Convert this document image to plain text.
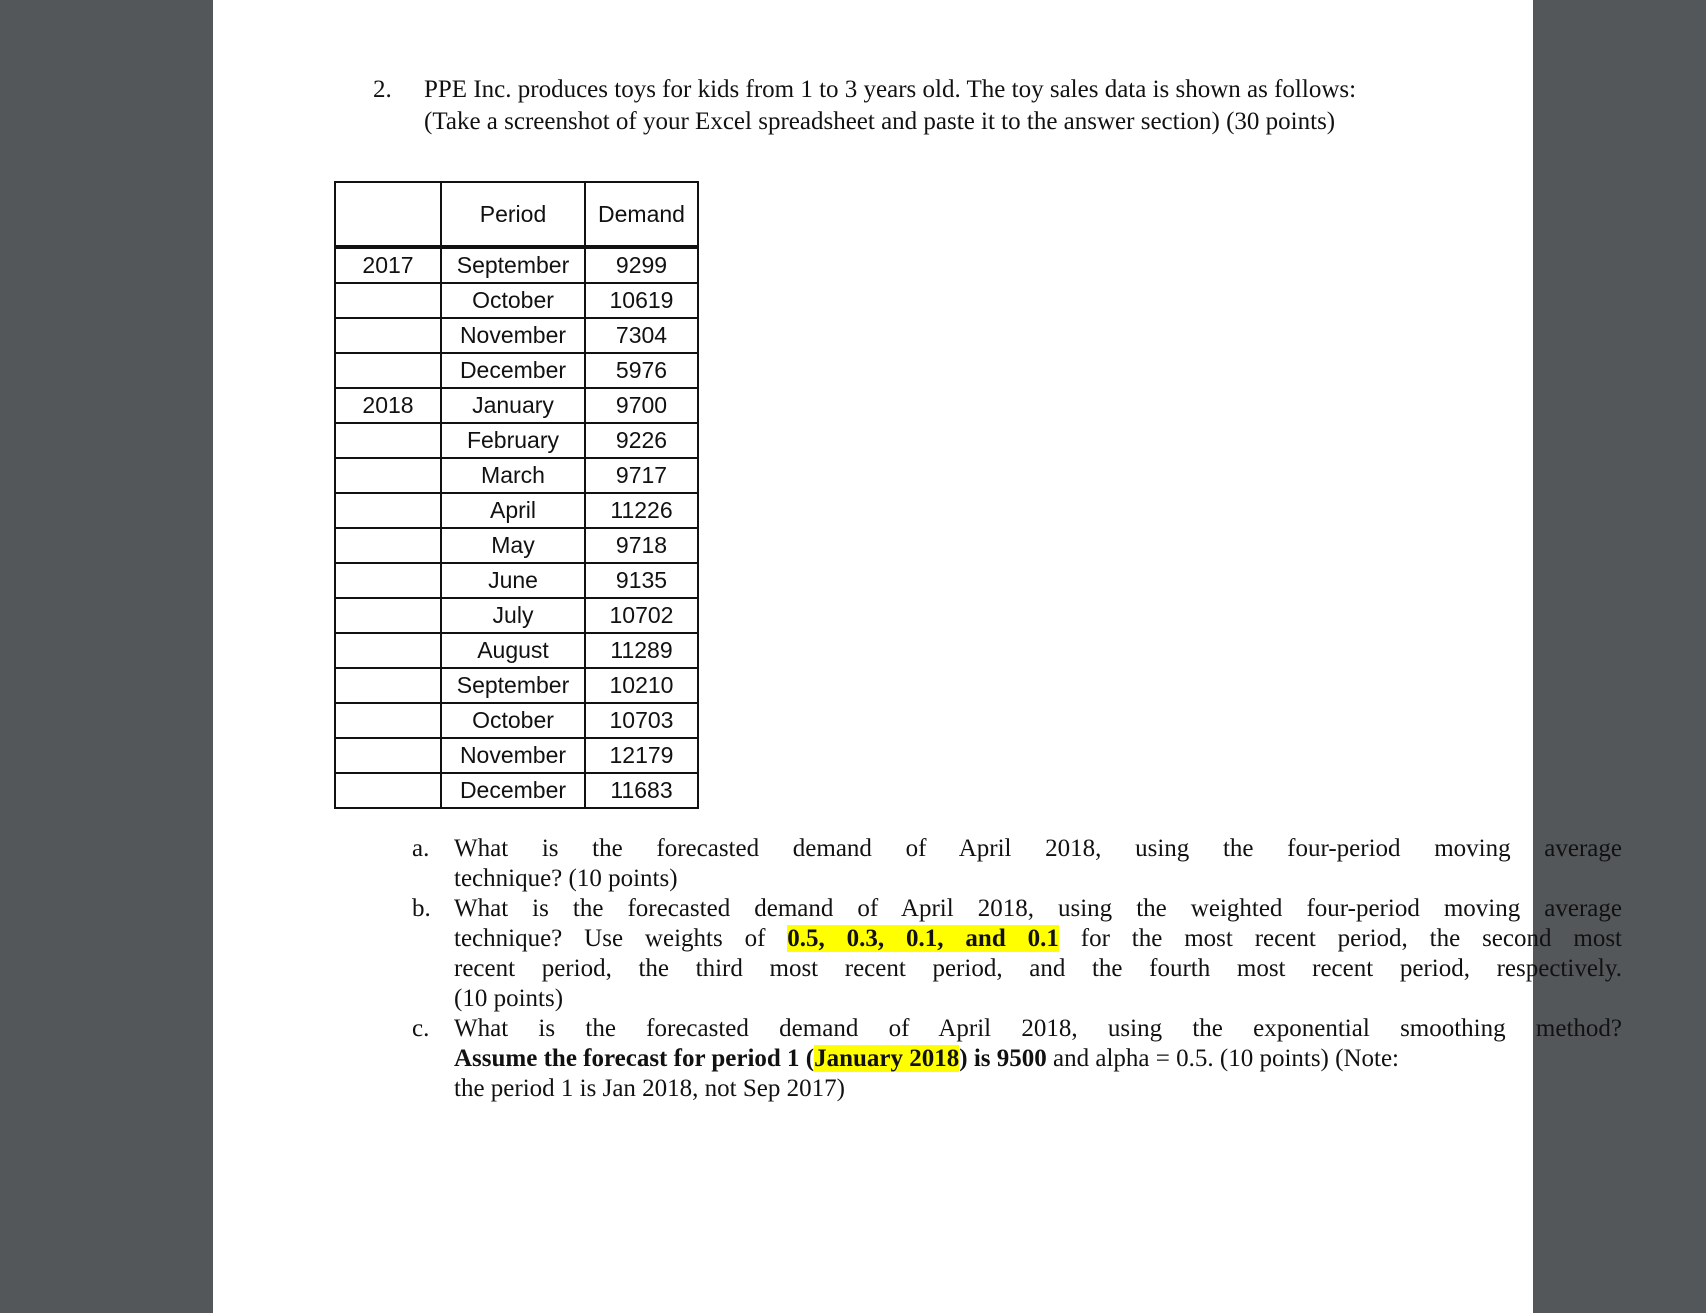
2. PPE Inc. produces toys for kids from 1 to 3 years old. The toy sales data is shown as follows:
(Take a screenshot of your Excel spreadsheet and paste it to the answer section) (30 points)
	Period	Demand
2017	September	9299
	October	10619
	November	7304
	December	5976
2018	January	9700
	February	9226
	March	9717
	April	11226
	May	9718
	June	9135
	July	10702
	August	11289
	September	10210
	October	10703
	November	12179
	December	11683
a. What is the forecasted demand of April 2018, using the four-period moving average
technique? (10 points)
b. What is the forecasted demand of April 2018, using the weighted four-period moving average
technique? Use weights of 0.5, 0.3, 0.1, and 0.1 for the most recent period, the second most
recent period, the third most recent period, and the fourth most recent period, respectively.
(10 points)
c. What is the forecasted demand of April 2018, using the exponential smoothing method?
Assume the forecast for period 1 (January 2018) is 9500 and alpha = 0.5. (10 points) (Note:
the period 1 is Jan 2018, not Sep 2017)
